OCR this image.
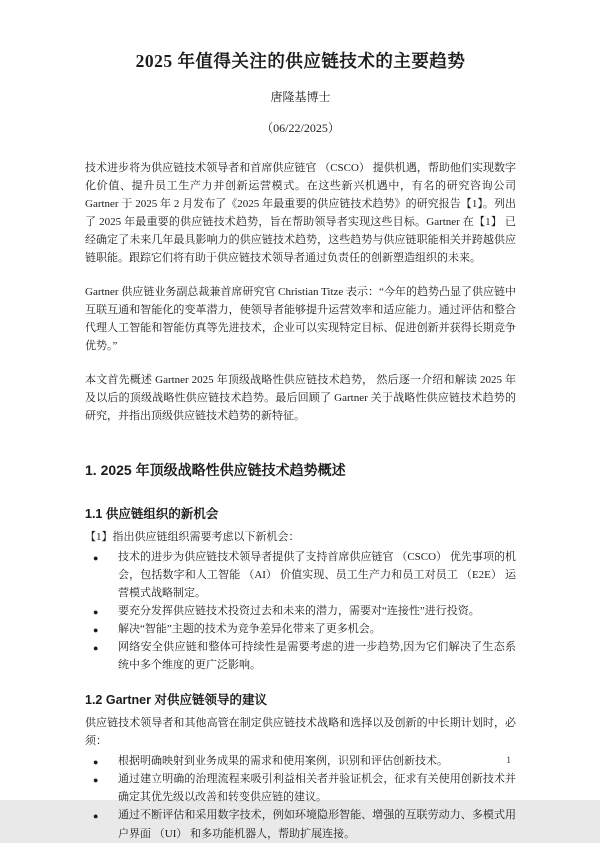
2025 年值得关注的供应链技术的主要趋势
唐隆基博士
（06/22/2025）

技术进步将为供应链技术领导者和首席供应链官 （CSCO） 提供机遇，帮助他们实现数字化价值、提升员工生产力并创新运营模式。在这些新兴机遇中，有名的研究咨询公司 Gartner 于 2025 年 2 月发布了《2025 年最重要的供应链技术趋势》的研究报告【1】。列出了 2025 年最重要的供应链技术趋势，旨在帮助领导者实现这些目标。Gartner 在【1】 已经确定了未来几年最具影响力的供应链技术趋势，这些趋势与供应链职能相关并跨越供应链职能。跟踪它们将有助于供应链技术领导者通过负责任的创新塑造组织的未来。

Gartner 供应链业务副总裁兼首席研究官 Christian Titze 表示：“今年的趋势凸显了供应链中互联互通和智能化的变革潜力，使领导者能够提升运营效率和适应能力。通过评估和整合代理人工智能和智能仿真等先进技术，企业可以实现特定目标、促进创新并获得长期竞争优势。”

本文首先概述 Gartner 2025 年顶级战略性供应链技术趋势， 然后逐一介绍和解读 2025 年及以后的顶级战略性供应链技术趋势。最后回顾了 Gartner 关于战略性供应链技术趋势的研究，并指出顶级供应链技术趋势的新特征。

1. 2025 年顶级战略性供应链技术趋势概述
1.1 供应链组织的新机会

【1】指出供应链组织需要考虑以下新机会：

● 技术的进步为供应链技术领导者提供了支持首席供应链官 （CSCO） 优先事项的机会，包括数字和人工智能 （AI） 价值实现、员工生产力和员工对员工 （E2E） 运营模式战略制定。
● 要充分发挥供应链技术投资过去和未来的潜力，需要对“连接性”进行投资。
● 解决“智能”主题的技术为竞争差异化带来了更多机会。
● 网络安全供应链和整体可持续性是需要考虑的进一步趋势,因为它们解决了生态系统中多个维度的更广泛影响。
1.2 Gartner 对供应链领导的建议

供应链技术领导者和其他高管在制定供应链技术战略和选择以及创新的中长期计划时，必须：

● 根据明确映射到业务成果的需求和使用案例，识别和评估创新技术。
● 通过建立明确的治理流程来吸引利益相关者并验证机会，征求有关使用创新技术并确定其优先级以改善和转变供应链的建议。
● 通过不断评估和采用数字技术，例如环境隐形智能、增强的互联劳动力、多模式用户界面 （UI） 和多功能机器人，帮助扩展连接。
1
